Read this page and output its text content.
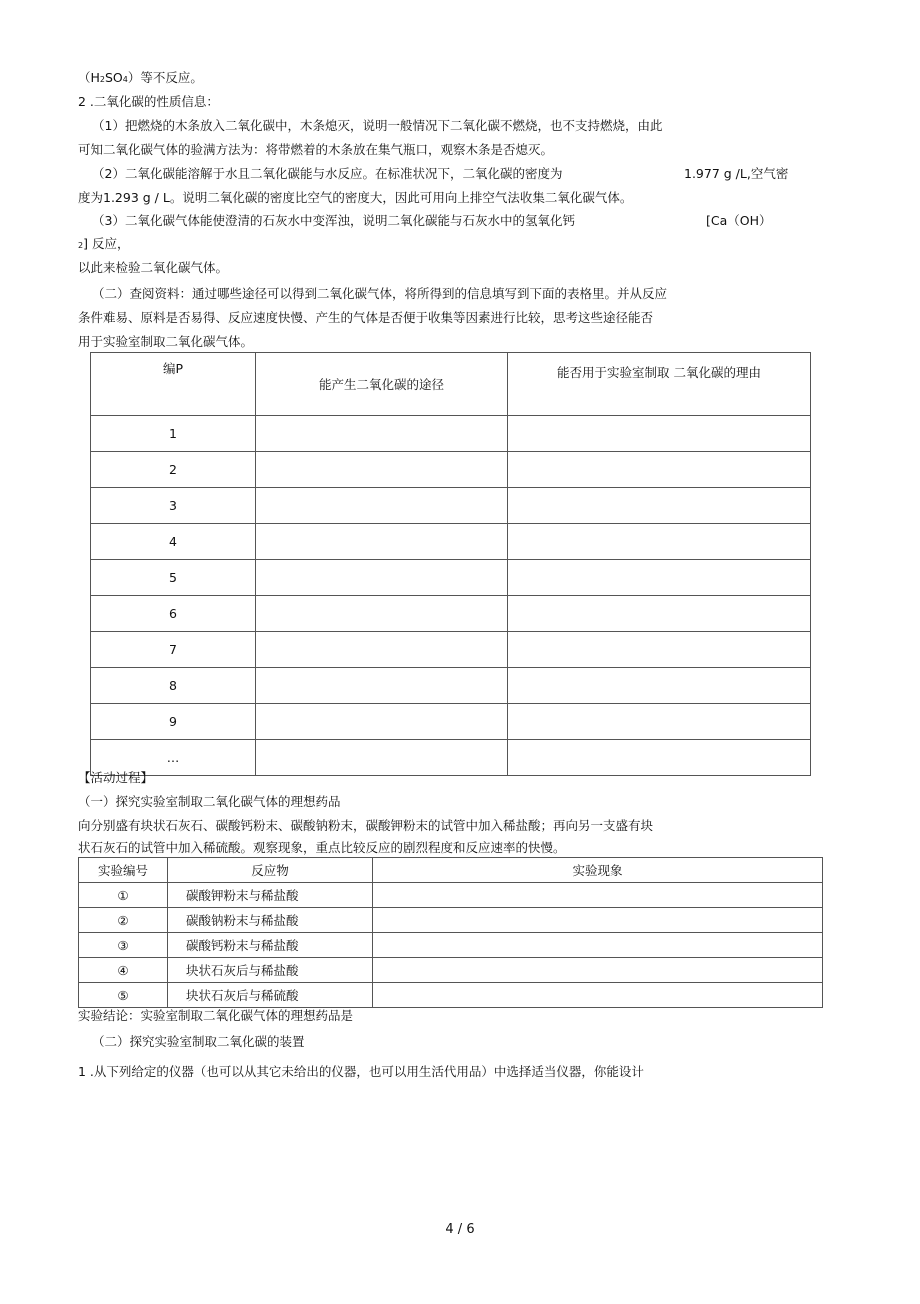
（H2SO4）等不反应。
2 .二氧化碳的性质信息：
（1）把燃烧的木条放入二氧化碳中，木条熄灭，说明一般情况下二氧化碳不燃烧，也不支持燃烧，由此
可知二氧化碳气体的验满方法为：将带燃着的木条放在集气瓶口，观察木条是否熄灭。
（2）二氧化碳能溶解于水且二氧化碳能与水反应。在标准状况下，二氧化碳的密度为	1.977 g /L,空气密
度为1.293 g / L。说明二氧化碳的密度比空气的密度大，因此可用向上排空气法收集二氧化碳气体。
（3）二氧化碳气体能使澄清的石灰水中变浑浊，说明二氧化碳能与石灰水中的氢氧化钙	[Ca（OH）
2] 反应，
以此来检验二氧化碳气体。
（二）查阅资料：通过哪些途径可以得到二氧化碳气体，将所得到的信息填写到下面的表格里。并从反应
条件难易、原料是否易得、反应速度快慢、产生的气体是否便于收集等因素进行比较，思考这些途径能否
用于实验室制取二氧化碳气体。
编P	能产生二氧化碳的途径	能否用于实验室制取 二氧化碳的理由
1		
2		
3		
4		
5		
6		
7		
8		
9		
…		
【活动过程】
（一）探究实验室制取二氧化碳气体的理想药品
向分别盛有块状石灰石、碳酸钙粉末、碳酸钠粉末，碳酸钾粉末的试管中加入稀盐酸；再向另一支盛有块
状石灰石的试管中加入稀硫酸。观察现象，重点比较反应的剧烈程度和反应速率的快慢。
实验编号	反应物	实验现象
①	碳酸钾粉末与稀盐酸	
②	碳酸钠粉末与稀盐酸	
③	碳酸钙粉末与稀盐酸	
④	块状石灰后与稀盐酸	
⑤	块状石灰后与稀硫酸	
实验结论：实验室制取二氧化碳气体的理想药品是
（二）探究实验室制取二氧化碳的装置
1 .从下列给定的仪器（也可以从其它未给出的仪器，也可以用生活代用品）中选择适当仪器，你能设计
4 / 6
